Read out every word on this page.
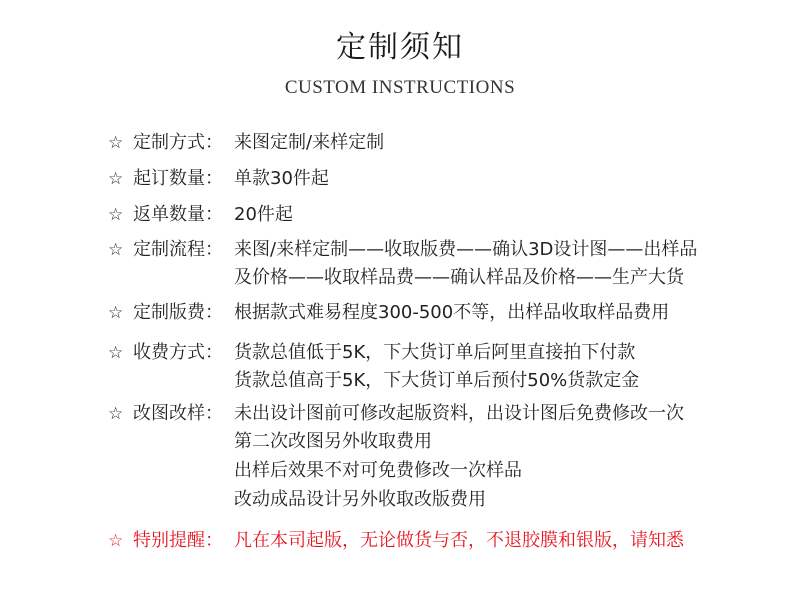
定制须知
CUSTOM INSTRUCTIONS
☆ 定制方式： 来图定制/来样定制
☆ 起订数量： 单款30件起
☆ 返单数量： 20件起
☆ 定制流程： 来图/来样定制——收取版费——确认3D设计图——出样品
及价格——收取样品费——确认样品及价格——生产大货
☆ 定制版费： 根据款式难易程度300-500不等，出样品收取样品费用
☆ 收费方式： 货款总值低于5K，下大货订单后阿里直接拍下付款
货款总值高于5K，下大货订单后预付50%货款定金
☆ 改图改样： 未出设计图前可修改起版资料，出设计图后免费修改一次
第二次改图另外收取费用
出样后效果不对可免费修改一次样品
改动成品设计另外收取改版费用
☆ 特别提醒： 凡在本司起版，无论做货与否，不退胶膜和银版，请知悉
